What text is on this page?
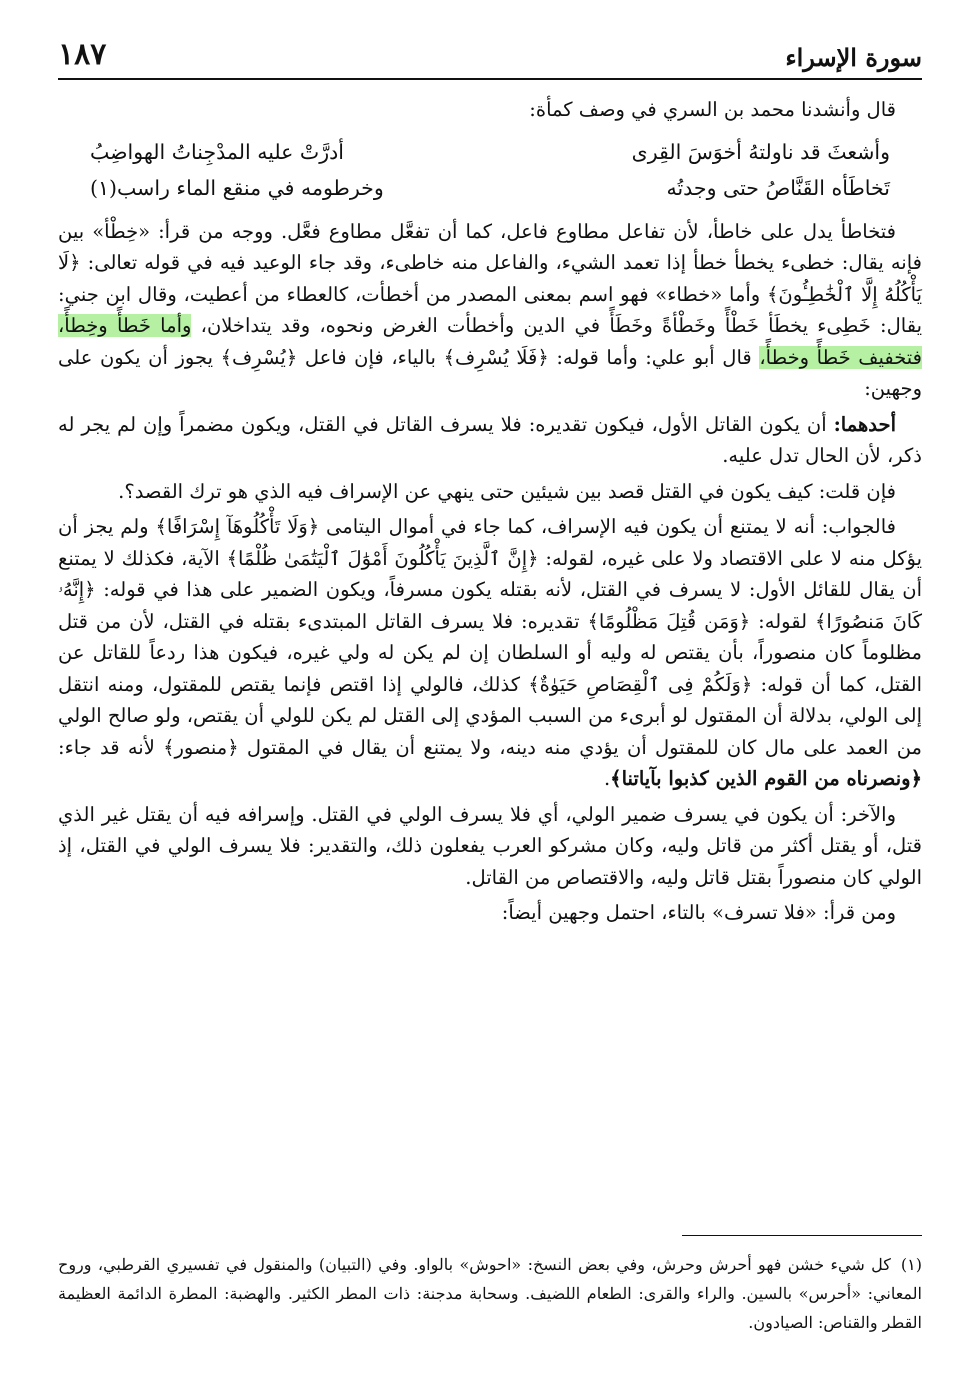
سورة الإسراء
١٨٧

قال وأنشدنا محمد بن السري في وصف كمأة:

وأشعثَ قد ناولتهُ أخوَسَ القِرى
أدرَّتْ عليه المدْجِناتُ الهواضِبُ
تَخاطَأه القَنَّاصُ حتى وجدتُه
وخرطومه في منقع الماء راسب(١)

فتخاطأ يدل على خاطأ، لأن تفاعل مطاوع فاعل، كما أن تفعَّل مطاوع فعَّل. ووجه من قرأ: «خِطْأ» بين فإنه يقال: خطىء يخطأ خطأ إذا تعمد الشيء، والفاعل منه خاطىء، وقد جاء الوعيد فيه في قوله تعالى: ﴿لَا يَأْكُلُهُ إِلَّا ٱلْخَٰطِـُٔونَ﴾ وأما «خطاء» فهو اسم بمعنى المصدر من أخطأت، كالعطاء من أعطيت، وقال ابن جني: يقال: خَطِىء يخطَأ خَطْأً وخَطْأةً وخَطَأً في الدين وأخطأت الغرض ونحوه، وقد يتداخلان، وأما خَطأً وخِطأً، فتخفيف خَطأً وخطأً، قال أبو علي: وأما قوله: ﴿فَلَا يُسْرِف﴾ بالياء، فإن فاعل ﴿يُسْرِف﴾ يجوز أن يكون على وجهين:

أحدهما: أن يكون القاتل الأول، فيكون تقديره: فلا يسرف القاتل في القتل، ويكون مضمراً وإن لم يجر له ذكر، لأن الحال تدل عليه.

فإن قلت: كيف يكون في القتل قصد بين شيئين حتى ينهي عن الإسراف فيه الذي هو ترك القصد؟.

فالجواب: أنه لا يمتنع أن يكون فيه الإسراف، كما جاء في أموال اليتامى ﴿وَلَا تَأْكُلُوهَآ إِسْرَافًا﴾ ولم يجز أن يؤكل منه لا على الاقتصاد ولا على غيره، لقوله: ﴿إِنَّ ٱلَّذِينَ يَأْكُلُونَ أَمْوَٰلَ ٱلْيَتَٰمَىٰ ظُلْمًا﴾ الآية، فكذلك لا يمتنع أن يقال للقائل الأول: لا يسرف في القتل، لأنه بقتله يكون مسرفاً، ويكون الضمير على هذا في قوله: ﴿إِنَّهُۥ كَانَ مَنصُورًا﴾ لقوله: ﴿وَمَن قُتِلَ مَظْلُومًا﴾ تقديره: فلا يسرف القاتل المبتدىء بقتله في القتل، لأن من قتل مظلوماً كان منصوراً، بأن يقتص له وليه أو السلطان إن لم يكن له ولي غيره، فيكون هذا ردعاً للقاتل عن القتل، كما أن قوله: ﴿وَلَكُمْ فِى ٱلْقِصَاصِ حَيَوٰةٌ﴾ كذلك، فالولي إذا اقتص فإنما يقتص للمقتول، ومنه انتقل إلى الولي، بدلالة أن المقتول لو أبرىء من السبب المؤدي إلى القتل لم يكن للولي أن يقتص، ولو صالح الولي من العمد على مال كان للمقتول أن يؤدي منه دينه، ولا يمتنع أن يقال في المقتول ﴿منصور﴾ لأنه قد جاء: ﴿ونصرناه من القوم الذين كذبوا بآياتنا﴾.

والآخر: أن يكون في يسرف ضمير الولي، أي فلا يسرف الولي في القتل. وإسرافه فيه أن يقتل غير الذي قتل، أو يقتل أكثر من قاتل وليه، وكان مشركو العرب يفعلون ذلك، والتقدير: فلا يسرف الولي في القتل، إذ الولي كان منصوراً بقتل قاتل وليه، والاقتصاص من القاتل.

ومن قرأ: «فلا تسرف» بالتاء، احتمل وجهين أيضاً:

(١)كل شيء خشن فهو أحرش وحرش، وفي بعض النسخ: «احوش» بالواو. وفي (التبيان) والمنقول في تفسيري القرطبي، وروح المعاني: «أحرس» بالسين. والراء والقرى: الطعام اللضيف. وسحابة مدجنة: ذات المطر الكثير. والهضبة: المطرة الدائمة العظيمة القطر والقناص: الصيادون.
